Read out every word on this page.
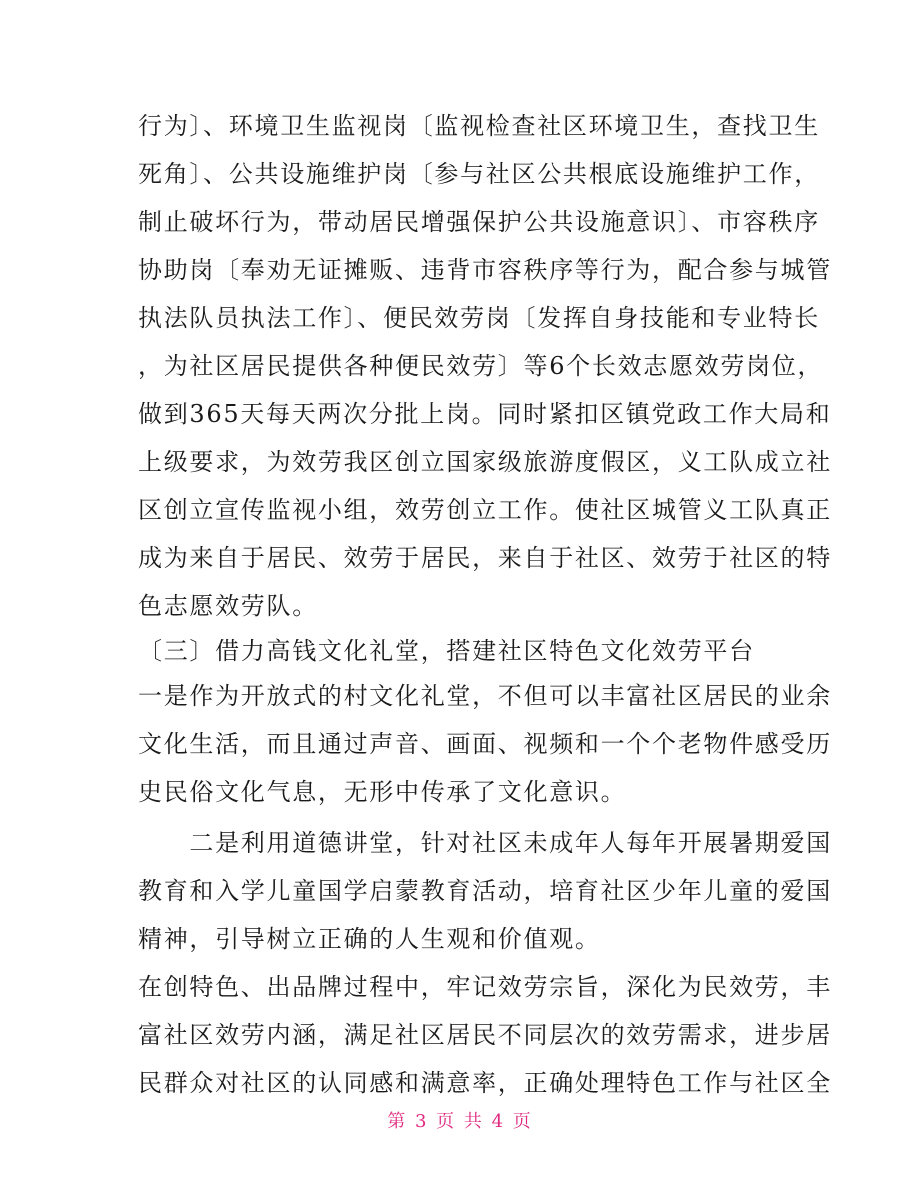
行为〕、环境卫生监视岗〔监视检查社区环境卫生，查找卫生
死角〕、公共设施维护岗〔参与社区公共根底设施维护工作，
制止破坏行为，带动居民增强保护公共设施意识〕、市容秩序
协助岗〔奉劝无证摊贩、违背市容秩序等行为，配合参与城管
执法队员执法工作〕、便民效劳岗〔发挥自身技能和专业特长
，为社区居民提供各种便民效劳〕等6个长效志愿效劳岗位，
做到365天每天两次分批上岗。同时紧扣区镇党政工作大局和
上级要求，为效劳我区创立国家级旅游度假区，义工队成立社
区创立宣传监视小组，效劳创立工作。使社区城管义工队真正
成为来自于居民、效劳于居民，来自于社区、效劳于社区的特
色志愿效劳队。
〔三〕借力高钱文化礼堂，搭建社区特色文化效劳平台
一是作为开放式的村文化礼堂，不但可以丰富社区居民的业余
文化生活，而且通过声音、画面、视频和一个个老物件感受历
史民俗文化气息，无形中传承了文化意识。
　　二是利用道德讲堂，针对社区未成年人每年开展暑期爱国
教育和入学儿童国学启蒙教育活动，培育社区少年儿童的爱国
精神，引导树立正确的人生观和价值观。
在创特色、出品牌过程中，牢记效劳宗旨，深化为民效劳，丰
富社区效劳内涵，满足社区居民不同层次的效劳需求，进步居
民群众对社区的认同感和满意率，正确处理特色工作与社区全
第 3 页 共 4 页
